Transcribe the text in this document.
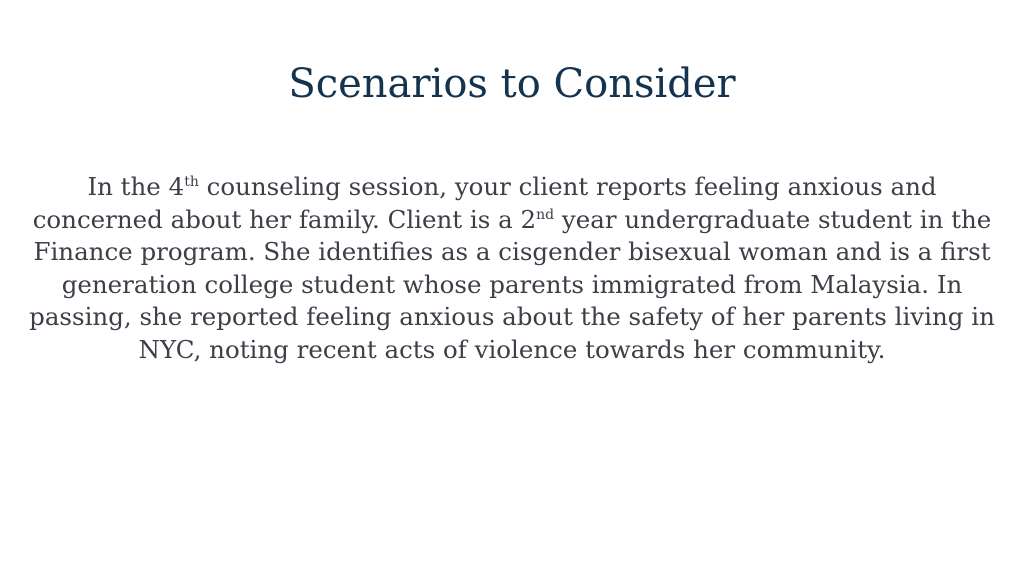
Scenarios to Consider

In the 4th counseling session, your client reports feeling anxious and concerned about her family. Client is a 2nd year undergraduate student in the Finance program. She identifies as a cisgender bisexual woman and is a first generation college student whose parents immigrated from Malaysia. In passing, she reported feeling anxious about the safety of her parents living in NYC, noting recent acts of violence towards her community.
